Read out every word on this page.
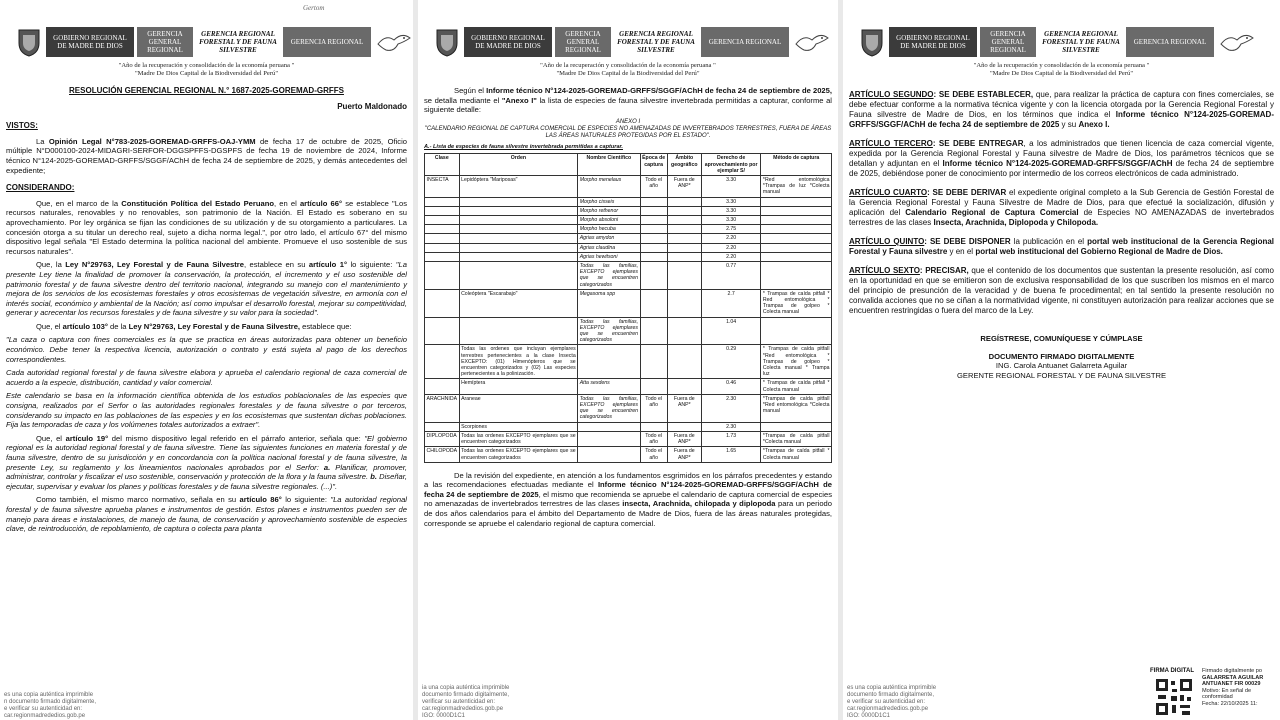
GOBIERNO REGIONAL DE MADRE DE DIOS
GERENCIA GENERAL REGIONAL
GERENCIA REGIONAL FORESTAL Y DE FAUNA SILVESTRE
GERENCIA REGIONAL
"Año de la recuperación y consolidación de la economía peruana "
"Madre De Dios Capital de la Biodiversidad del Perú"
RESOLUCIÓN GERENCIAL REGIONAL N.° 1687-2025-GOREMAD-GRFFS
Puerto Maldonado
VISTOS:

La Opinión Legal N°783-2025-GOREMAD-GRFFS-OAJ-YMM de fecha 17 de octubre de 2025, Oficio múltiple N°D000100-2024-MIDAGRI-SERFOR-DGGSPFFS-DGSPFS de fecha 19 de noviembre de 2024, Informe técnico N°124-2025-GOREMAD-GRFFS/SGGF/AChH de fecha 24 de septiembre de 2025, y demás antecedentes del expediente;

CONSIDERANDO:

Que, en el marco de la Constitución Política del Estado Peruano, en el artículo 66° se establece "Los recursos naturales, renovables y no renovables, son patrimonio de la Nación. El Estado es soberano en su aprovechamiento. Por ley orgánica se fijan las condiciones de su utilización y de su otorgamiento a particulares. La concesión otorga a su titular un derecho real, sujeto a dicha norma legal.", por otro lado, el artículo 67° del mismo dispositivo legal señala "El Estado determina la política nacional del ambiente. Promueve el uso sostenible de sus recursos naturales".

Que, la Ley N°29763, Ley Forestal y de Fauna Silvestre, establece en su artículo 1° lo siguiente: "La presente Ley tiene la finalidad de promover la conservación, la protección, el incremento y el uso sostenible del patrimonio forestal y de fauna silvestre dentro del territorio nacional, integrando su manejo con el mantenimiento y mejora de los servicios de los ecosistemas forestales y otros ecosistemas de vegetación silvestre, en armonía con el interés social, económico y ambiental de la Nación; así como impulsar el desarrollo forestal, mejorar su competitividad, generar y acrecentar los recursos forestales y de fauna silvestre y su valor para la sociedad".

Que, el artículo 103° de la Ley N°29763, Ley Forestal y de Fauna Silvestre, establece que:

"La caza o captura con fines comerciales es la que se practica en áreas autorizadas para obtener un beneficio económico. Debe tener la respectiva licencia, autorización o contrato y está sujeta al pago de los derechos correspondientes.

Cada autoridad regional forestal y de fauna silvestre elabora y aprueba el calendario regional de caza comercial de acuerdo a la especie, distribución, cantidad y valor comercial.

Este calendario se basa en la información científica obtenida de los estudios poblacionales de las especies que consigna, realizados por el Serfor o las autoridades regionales forestales y de fauna silvestre o por terceros, considerando su impacto en las poblaciones de las especies y en los ecosistemas que sustentan dichas poblaciones. Fija las temporadas de caza y los volúmenes totales autorizados a extraer".

Que, el artículo 19° del mismo dispositivo legal referido en el párrafo anterior, señala que: "El gobierno regional es la autoridad regional forestal y de fauna silvestre. Tiene las siguientes funciones en materia forestal y de fauna silvestre, dentro de su jurisdicción y en concordancia con la política nacional forestal y de fauna silvestre, la presente Ley, su reglamento y los lineamientos nacionales aprobados por el Serfor: a. Planificar, promover, administrar, controlar y fiscalizar el uso sostenible, conservación y protección de la flora y la fauna silvestre. b. Diseñar, ejecutar, supervisar y evaluar los planes y políticas forestales y de fauna silvestre regionales. (...)".

Como también, el mismo marco normativo, señala en su artículo 86° lo siguiente: "La autoridad regional forestal y de fauna silvestre aprueba planes e instrumentos de gestión. Estos planes e instrumentos pueden ser de manejo para áreas e instalaciones, de manejo de fauna, de conservación y aprovechamiento sostenible de especies clave, de reintroducción, de repoblamiento, de captura o colecta para planta

Gertom
es una copia auténtica imprimible
n documento firmado digitalmente,
e verificar su autenticidad en:
car.regionmadrededios.gob.pe
GOBIERNO REGIONAL DE MADRE DE DIOS
GERENCIA GENERAL REGIONAL
GERENCIA REGIONAL FORESTAL Y DE FAUNA SILVESTRE
GERENCIA REGIONAL
"Año de la recuperación y consolidación de la economía peruana "
"Madre De Dios Capital de la Biodiversidad del Perú"

Según el Informe técnico N°124-2025-GOREMAD-GRFFS/SGGF/AChH de fecha 24 de septiembre de 2025, se detalla mediante el "Anexo I" la lista de especies de fauna silvestre invertebrada permitidas a capturar, conforme al siguiente detalle:

ANEXO I
"CALENDARIO REGIONAL DE CAPTURA COMERCIAL DE ESPECIES NO AMENAZADAS DE INVERTEBRADOS TERRESTRES, FUERA DE ÁREAS LAS ÁREAS NATURALES PROTEGIDAS POR EL ESTADO".
A.- Lista de especies de fauna silvestre invertebrada permitidas a capturar.
Clase	Orden	Nombre Científico	Época de captura	Ámbito geográfico	Derecho de aprovechamiento por ejemplar S/	Método de captura
INSECTA	Lepidóptera "Mariposas"	Morpho menelaus	Todo el año	Fuera de ANP*	3.30	*Red entomológica *Trampas de luz *Colecta manual
		Morpho cisseis			3.30	
		Morpho rethenor			3.30	
		Morpho absoloni			3.30	
		Morpho hecuba			2.75	
		Agrias amydon			2.20	
		Agrias claudina			2.20	
		Agrias hewitsoni			2.20	
		Todas las familias, EXCEPTO ejemplares que se encuentren categorizados			0.77	
	Coleóptera "Escarabajo"	Megasoma spp			2.7	* Trampas de caída pitfall * Red entomológica * Trampas de golpeo * Colecta manual
		Todas las familias, EXCEPTO ejemplares que se encuentren categorizados			1.04	
	Todas las ordenes que incluyan ejemplares terrestres pertenecientes a la clase Insecta EXCEPTO: (01) Himenópteros que se encuentren categorizados y (02) Las especies pertenecientes a la polinización.				0.29	* Trampas de caída pitfall *Red entomológica * Trampas de golpeo * Colecta manual * Trampa luz
	Hemíptera	Atta sexdens			0.46	* Trampas de caída pitfall * Colecta manual
ARACHNIDA	Araneae	Todas las familias, EXCEPTO ejemplares que se encuentren categorizados	Todo el año	Fuera de ANP*	2.30	*Trampas de caída pitfall *Red entomológica *Colecta manual
	Scorpiones				2.30	
DIPLOPODA	Todas las ordenes EXCEPTO ejemplares que se encuentren categorizados		Todo el año	Fuera de ANP*	1.73	*Trampas de caída pitfall *Colecta manual
CHILOPODA	Todas las ordenes EXCEPTO ejemplares que se encuentren categorizados		Todo el año	Fuera de ANP*	1.65	*Trampas de caída pitfall * Colecta manual

De la revisión del expediente, en atención a los fundamentos esgrimidos en los párrafos precedentes y estando a las recomendaciones efectuadas mediante el Informe técnico N°124-2025-GOREMAD-GRFFS/SGGF/AChH de fecha 24 de septiembre de 2025, el mismo que recomienda se apruebe el calendario de captura comercial de especies no amenazadas de invertebrados terrestres de las clases insecta, Arachnida, chilopada y diplopoda para un periodo de dos años calendarios para el ámbito del Departamento de Madre de Dios, fuera de las áreas naturales protegidas, corresponde se apruebe el calendario regional de captura comercial.

ia una copia auténtica imprimible
documento firmado digitalmente,
verificar su autenticidad en:
car.regionmadrededios.gob.pe
IGO: 0000D1C1
GOBIERNO REGIONAL DE MADRE DE DIOS
GERENCIA GENERAL REGIONAL
GERENCIA REGIONAL FORESTAL Y DE FAUNA SILVESTRE
GERENCIA REGIONAL
"Año de la recuperación y consolidación de la economía peruana "
"Madre De Dios Capital de la Biodiversidad del Perú"

ARTÍCULO SEGUNDO: SE DEBE ESTABLECER, que, para realizar la práctica de captura con fines comerciales, se debe efectuar conforme a la normativa técnica vigente y con la licencia otorgada por la Gerencia Regional Forestal y Fauna silvestre de Madre de Dios, en los términos que indica el Informe técnico N°124-2025-GOREMAD-GRFFS/SGGF/AChH de fecha 24 de septiembre de 2025 y su Anexo I.

ARTÍCULO TERCERO: SE DEBE ENTREGAR, a los administrados que tienen licencia de caza comercial vigente, expedida por la Gerencia Regional Forestal y Fauna silvestre de Madre de Dios, los parámetros técnicos que se detallan y adjuntan en el Informe técnico N°124-2025-GOREMAD-GRFFS/SGGF/AChH de fecha 24 de septiembre de 2025, debiéndose poner de conocimiento por intermedio de los correos electrónicos de cada administrado.

ARTÍCULO CUARTO: SE DEBE DERIVAR el expediente original completo a la Sub Gerencia de Gestión Forestal de la Gerencia Regional Forestal y Fauna Silvestre de Madre de Dios, para que efectué la socialización, difusión y aplicación del Calendario Regional de Captura Comercial de Especies NO AMENAZADAS de invertebrados terrestres de las clases Insecta, Arachnida, Diplopoda y Chilopoda.

ARTÍCULO QUINTO: SE DEBE DISPONER la publicación en el portal web institucional de la Gerencia Regional Forestal y Fauna silvestre y en el portal web institucional del Gobierno Regional de Madre de Dios.

ARTÍCULO SEXTO: PRECISAR, que el contenido de los documentos que sustentan la presente resolución, así como en la oportunidad en que se emitieron son de exclusiva responsabilidad de los que suscriben los mismos en el marco del principio de presunción de la veracidad y de buena fe procedimental; en tal sentido la presente resolución no convalida acciones que no se ciñan a la normatividad vigente, ni constituyen autorización para realizar acciones que se encuentren restringidas o fuera del marco de la Ley.

REGÍSTRESE, COMUNÍQUESE Y CÚMPLASE
DOCUMENTO FIRMADO DIGITALMENTE
ING. Carola Antuanet Galarreta Aguilar
GERENTE REGIONAL FORESTAL Y DE FAUNA SILVESTRE
es una copia auténtica imprimible
documento firmado digitalmente,
e verificar su autenticidad en:
car.regionmadrededios.gob.pe
IGO: 0000D1C1
FIRMA DIGITAL Firmado digitalmente po
GALARRETA AGUILAR
ANTUANET FIR 00029
Motivo: En señal de
conformidad
Fecha: 22/10/2025 11:
